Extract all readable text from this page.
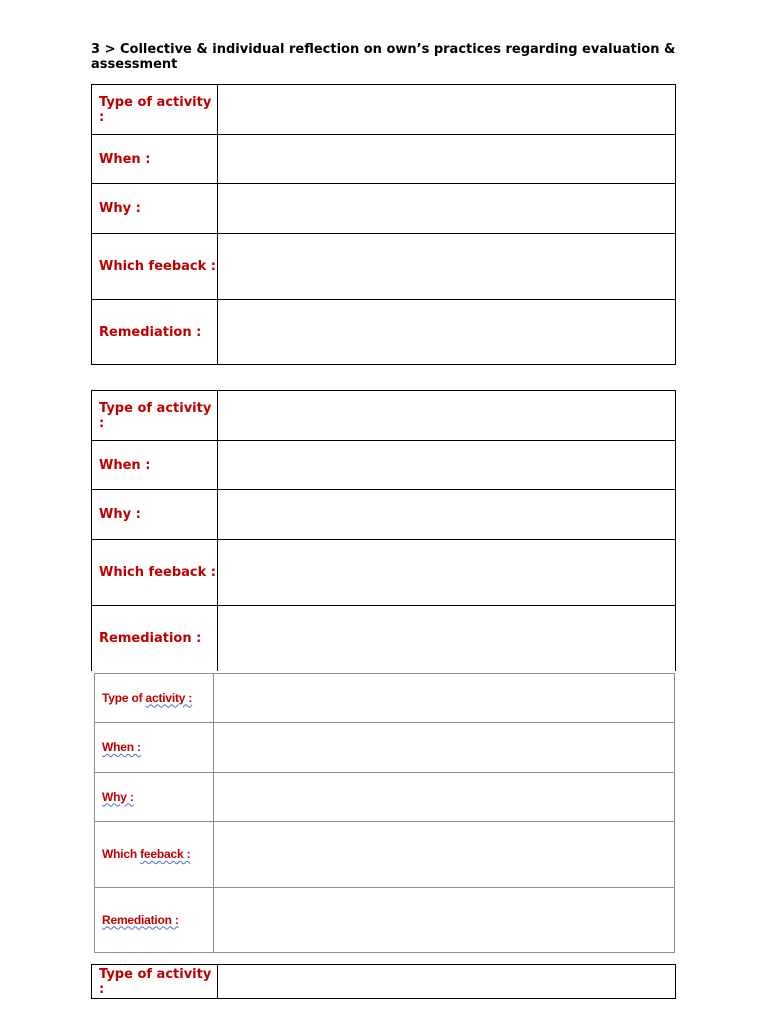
3 > Collective & individual reflection on own’s practices regarding evaluation & assessment
Type of activity :	
When :	
Why :	
Which feeback :	
Remediation :	
Type of activity :	
When :	
Why :	
Which feeback :	
Remediation :	
Type of activity :	
When :	
Why :	
Which feeback :	
Remediation :	
Type of activity :	
